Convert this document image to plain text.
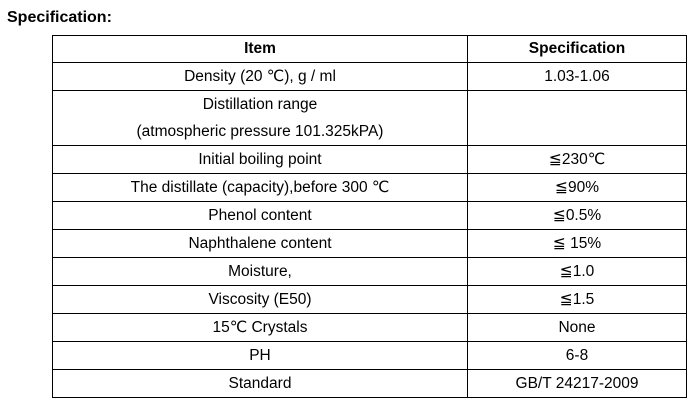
Specification:
Item	Specification
Density (20 ℃), g / ml	1.03-1.06

Distillation range
(atmospheric pressure 101.325kPA)	

Initial boiling point	≦230℃
The distillate (capacity),before 300 ℃	≦90%
Phenol content	≦0.5%
Naphthalene content	≦ 15%
Moisture,	≦1.0
Viscosity (E50)	≦1.5
15℃ Crystals	None
PH	6-8
Standard	GB/T 24217-2009
